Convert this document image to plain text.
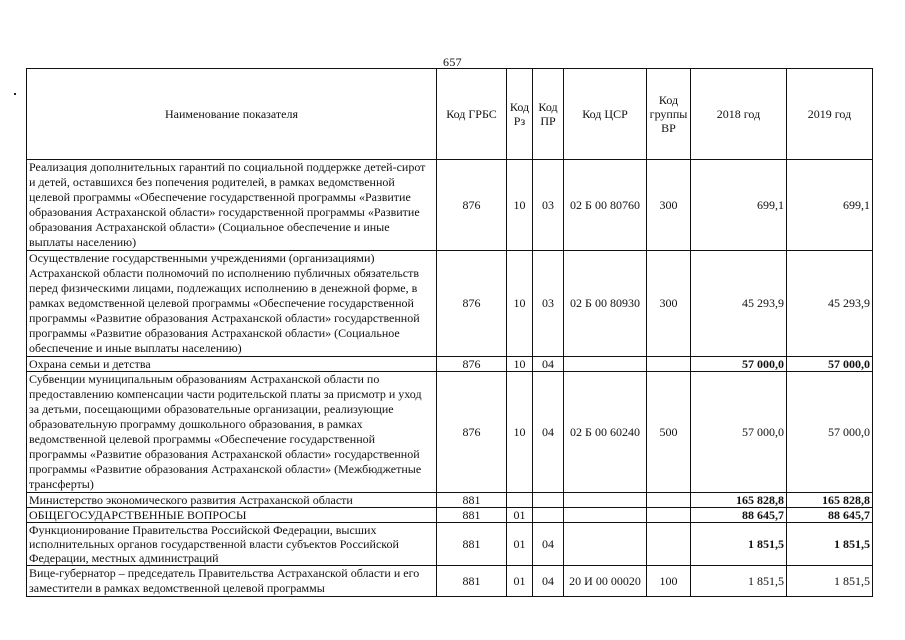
657
Наименование показателя	Код ГРБС	Код Рз	Код ПР	Код ЦСР	Код группы ВР	2018 год	2019 год
Реализация дополнительных гарантий по социальной поддержке детей-сирот и детей, оставшихся без попечения родителей, в рамках ведомственной целевой программы «Обеспечение государственной программы «Развитие образования Астраханской области» государственной программы «Развитие образования Астраханской области» (Социальное обеспечение и иные выплаты населению)	876	10	03	02 Б 00 80760	300	699,1	699,1
Осуществление государственными учреждениями (организациями) Астраханской области полномочий по исполнению публичных обязательств перед физическими лицами, подлежащих исполнению в денежной форме, в рамках ведомственной целевой программы «Обеспечение государственной программы «Развитие образования Астраханской области» государственной программы «Развитие образования Астраханской области» (Социальное обеспечение и иные выплаты населению)	876	10	03	02 Б 00 80930	300	45 293,9	45 293,9
Охрана семьи и детства	876	10	04			57 000,0	57 000,0
Субвенции муниципальным образованиям Астраханской области по предоставлению компенсации части родительской платы за присмотр и уход за детьми, посещающими образовательные организации, реализующие образовательную программу дошкольного образования, в рамках ведомственной целевой программы «Обеспечение государственной программы «Развитие образования Астраханской области» государственной программы «Развитие образования Астраханской области» (Межбюджетные трансферты)	876	10	04	02 Б 00 60240	500	57 000,0	57 000,0
Министерство экономического развития Астраханской области	881					165 828,8	165 828,8
ОБЩЕГОСУДАРСТВЕННЫЕ ВОПРОСЫ	881	01				88 645,7	88 645,7
Функционирование Правительства Российской Федерации, высших исполнительных органов государственной власти субъектов Российской Федерации, местных администраций	881	01	04			1 851,5	1 851,5
Вице-губернатор – председатель Правительства Астраханской области и его заместители в рамках ведомственной целевой программы	881	01	04	20 И 00 00020	100	1 851,5	1 851,5
